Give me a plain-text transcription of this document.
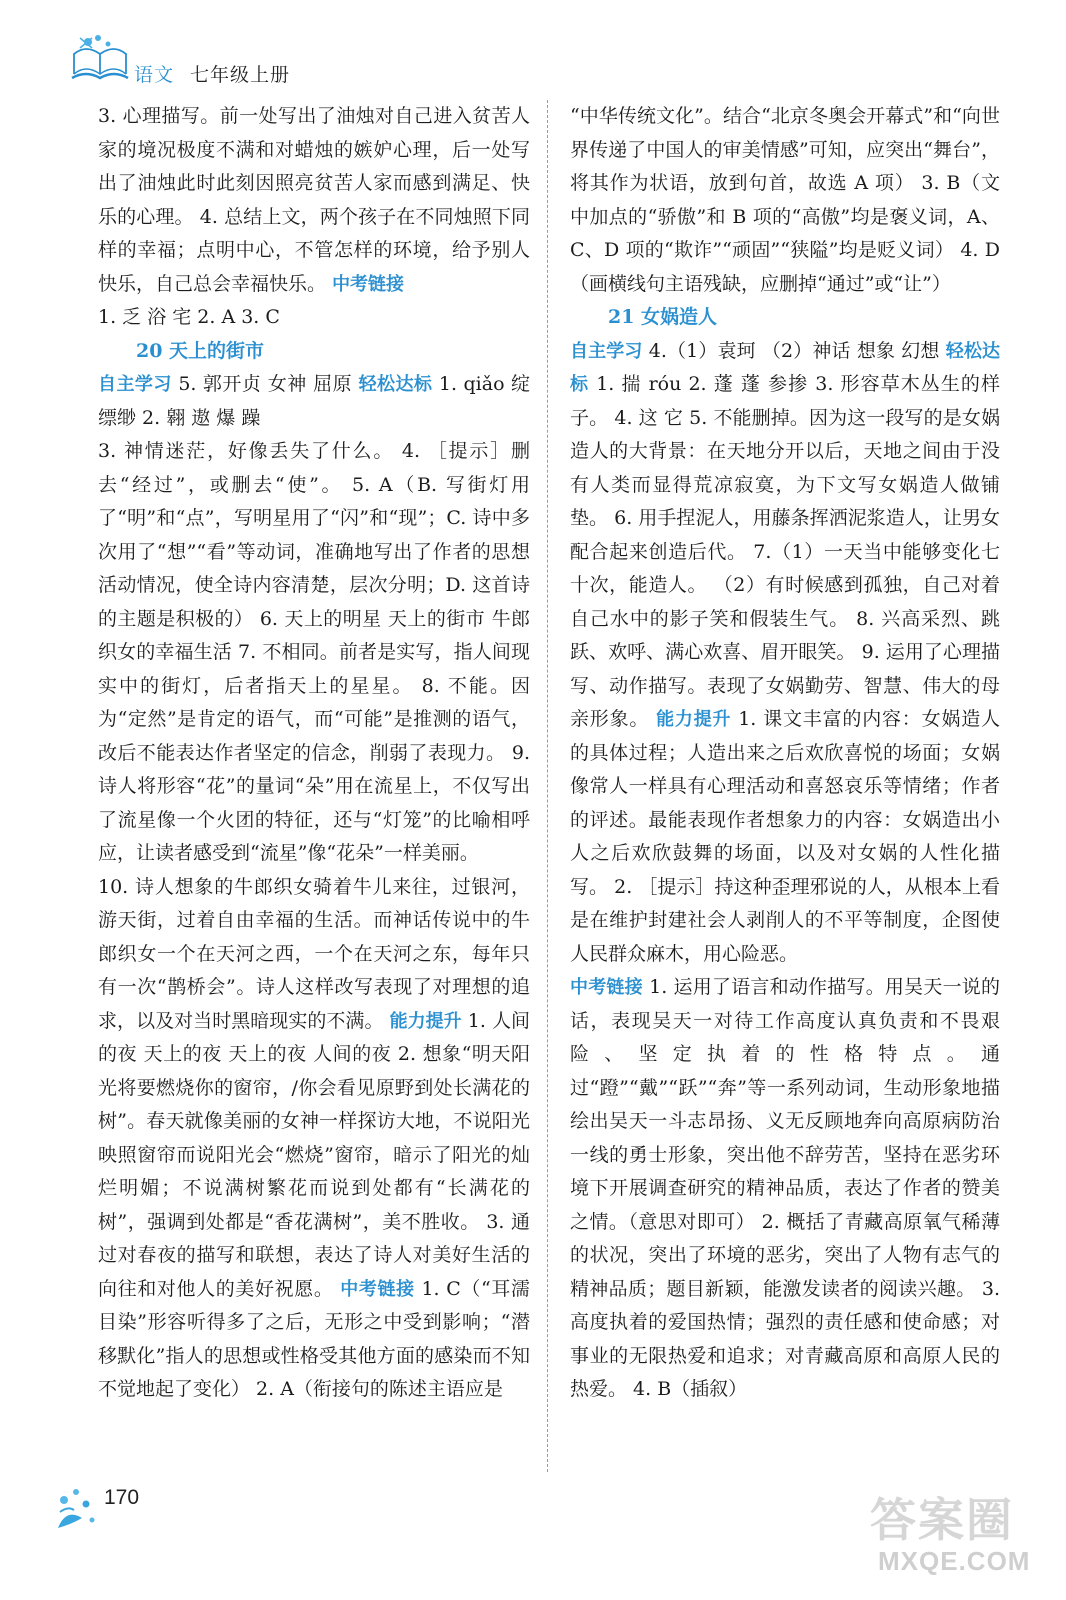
语文 七年级上册

3. 心理描写。前一处写出了油烛对自己进入贫苦人家的境况极度不满和对蜡烛的嫉妒心理，后一处写出了油烛此时此刻因照亮贫苦人家而感到满足、快乐的心理。 4. 总结上文，两个孩子在不同烛照下同样的幸福；点明中心，不管怎样的环境，给予别人快乐，自己总会幸福快乐。 中考链接

1. 乏 浴 宅 2. A 3. C

20 天上的街市

自主学习 5. 郭开贞 女神 屈原 轻松达标 1. qiǎo 绽 缥缈 2. 翱 遨 爆 躁

3. 神情迷茫，好像丢失了什么。 4. ［提示］删去“经过”，或删去“使”。 5. A（B. 写街灯用了“明”和“点”，写明星用了“闪”和“现”；C. 诗中多次用了“想”“看”等动词，准确地写出了作者的思想活动情况，使全诗内容清楚，层次分明；D. 这首诗的主题是积极的） 6. 天上的明星 天上的街市 牛郎织女的幸福生活 7. 不相同。前者是实写，指人间现实中的街灯，后者指天上的星星。 8. 不能。因为“定然”是肯定的语气，而“可能”是推测的语气，改后不能表达作者坚定的信念，削弱了表现力。 9. 诗人将形容“花”的量词“朵”用在流星上，不仅写出了流星像一个火团的特征，还与“灯笼”的比喻相呼应，让读者感受到“流星”像“花朵”一样美丽。

10. 诗人想象的牛郎织女骑着牛儿来往，过银河，游天街，过着自由幸福的生活。而神话传说中的牛郎织女一个在天河之西，一个在天河之东，每年只有一次“鹊桥会”。诗人这样改写表现了对理想的追求，以及对当时黑暗现实的不满。 能力提升 1. 人间的夜 天上的夜 天上的夜 人间的夜 2. 想象“明天阳光将要燃烧你的窗帘，/你会看见原野到处长满花的树”。春天就像美丽的女神一样探访大地，不说阳光映照窗帘而说阳光会“燃烧”窗帘，暗示了阳光的灿烂明媚；不说满树繁花而说到处都有“长满花的树”，强调到处都是“香花满树”，美不胜收。 3. 通过对春夜的描写和联想，表达了诗人对美好生活的向往和对他人的美好祝愿。 中考链接 1. C（“耳濡目染”形容听得多了之后，无形之中受到影响；“潜移默化”指人的思想或性格受其他方面的感染而不知不觉地起了变化） 2. A（衔接句的陈述主语应是

“中华传统文化”。结合“北京冬奥会开幕式”和“向世界传递了中国人的审美情感”可知，应突出“舞台”，将其作为状语，放到句首，故选 A 项） 3. B（文中加点的“骄傲”和 B 项的“高傲”均是褒义词，A、C、D 项的“欺诈”“顽固”“狭隘”均是贬义词） 4. D（画横线句主语残缺，应删掉“通过”或“让”）

21 女娲造人

自主学习 4.（1）袁珂 （2）神话 想象 幻想 轻松达标 1. 揣 róu 2. 蓬 蓬 参掺 3. 形容草木丛生的样子。 4. 这 它 5. 不能删掉。因为这一段写的是女娲造人的大背景：在天地分开以后，天地之间由于没有人类而显得荒凉寂寞，为下文写女娲造人做铺垫。 6. 用手捏泥人，用藤条挥洒泥浆造人，让男女配合起来创造后代。 7.（1）一天当中能够变化七十次，能造人。 （2）有时候感到孤独，自己对着自己水中的影子笑和假装生气。 8. 兴高采烈、跳跃、欢呼、满心欢喜、眉开眼笑。 9. 运用了心理描写、动作描写。表现了女娲勤劳、智慧、伟大的母亲形象。 能力提升 1. 课文丰富的内容：女娲造人的具体过程；人造出来之后欢欣喜悦的场面；女娲像常人一样具有心理活动和喜怒哀乐等情绪；作者的评述。最能表现作者想象力的内容：女娲造出小人之后欢欣鼓舞的场面，以及对女娲的人性化描写。 2. ［提示］持这种歪理邪说的人，从根本上看是在维护封建社会人剥削人的不平等制度，企图使人民群众麻木，用心险恶。

中考链接 1. 运用了语言和动作描写。用吴天一说的话，表现吴天一对待工作高度认真负责和不畏艰险、坚定执着的性格特点。通过“蹬”“戴”“跃”“奔”等一系列动词，生动形象地描绘出吴天一斗志昂扬、义无反顾地奔向高原病防治一线的勇士形象，突出他不辞劳苦，坚持在恶劣环境下开展调查研究的精神品质，表达了作者的赞美之情。（意思对即可） 2. 概括了青藏高原氧气稀薄的状况，突出了环境的恶劣，突出了人物有志气的精神品质；题目新颖，能激发读者的阅读兴趣。 3. 高度执着的爱国热情；强烈的责任感和使命感；对事业的无限热爱和追求；对青藏高原和高原人民的热爱。 4. B（插叙）

170	答案圈
MXQE.COM
